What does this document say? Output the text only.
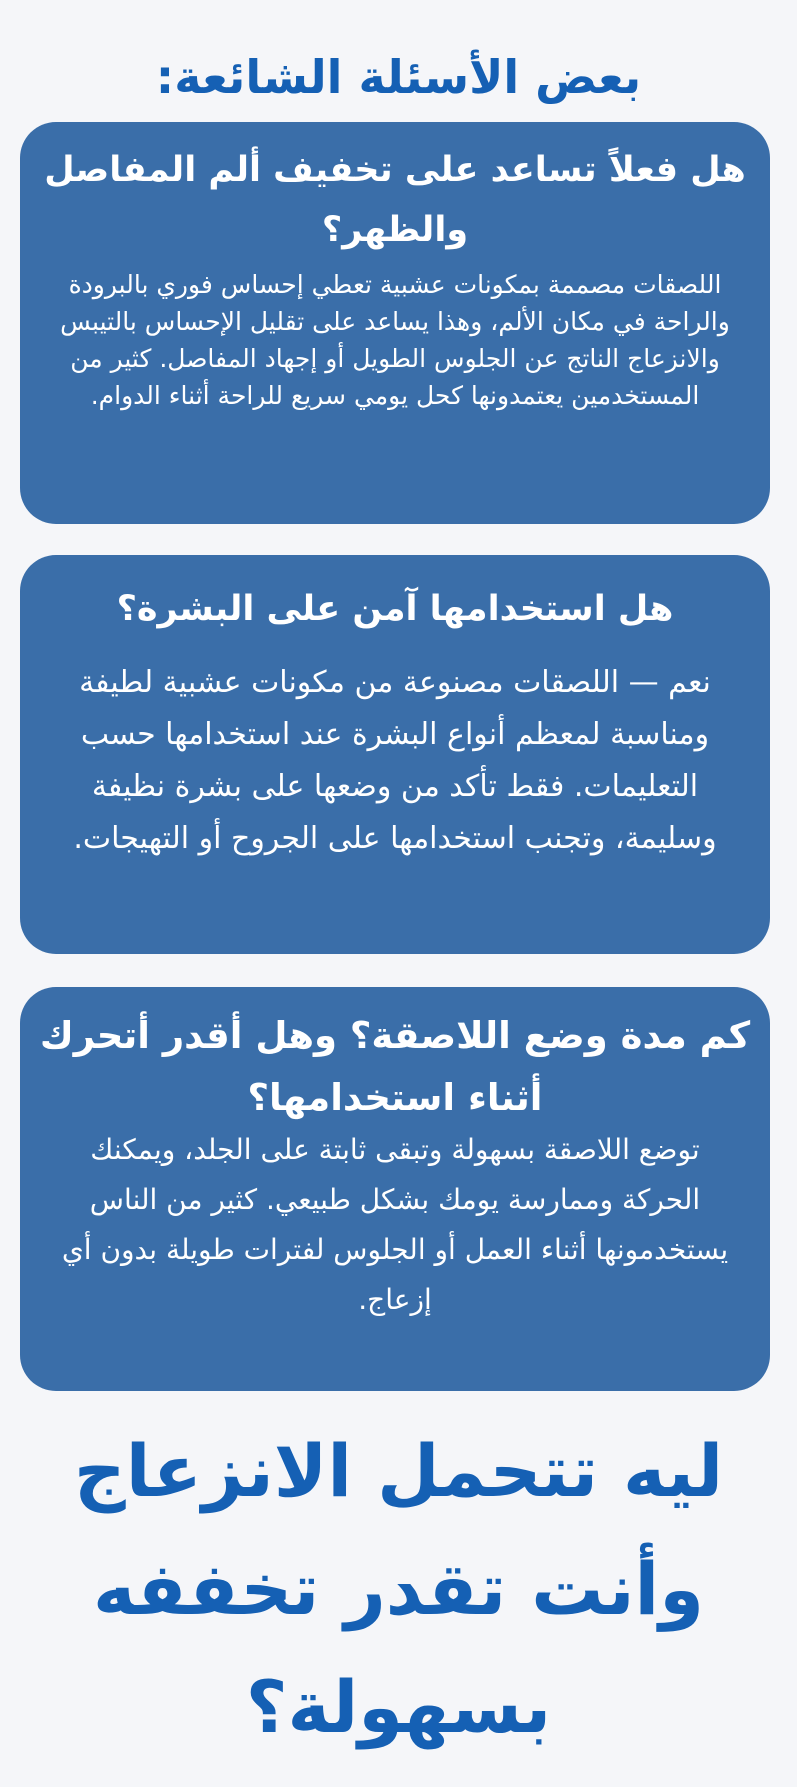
بعض الأسئلة الشائعة:
هل فعلاً تساعد على تخفيف ألم المفاصل والظهر؟

اللصقات مصممة بمكونات عشبية تعطي إحساس فوري بالبرودة والراحة في مكان الألم، وهذا يساعد على تقليل الإحساس بالتيبس والانزعاج الناتج عن الجلوس الطويل أو إجهاد المفاصل. كثير من المستخدمين يعتمدونها كحل يومي سريع للراحة أثناء الدوام.

هل استخدامها آمن على البشرة؟

نعم — اللصقات مصنوعة من مكونات عشبية لطيفة ومناسبة لمعظم أنواع البشرة عند استخدامها حسب التعليمات. فقط تأكد من وضعها على بشرة نظيفة وسليمة، وتجنب استخدامها على الجروح أو التهيجات.

كم مدة وضع اللاصقة؟ وهل أقدر أتحرك أثناء استخدامها؟

توضع اللاصقة بسهولة وتبقى ثابتة على الجلد، ويمكنك الحركة وممارسة يومك بشكل طبيعي. كثير من الناس يستخدمونها أثناء العمل أو الجلوس لفترات طويلة بدون أي إزعاج.

ليه تتحمل الانزعاج وأنت تقدر تخففه بسهولة؟
